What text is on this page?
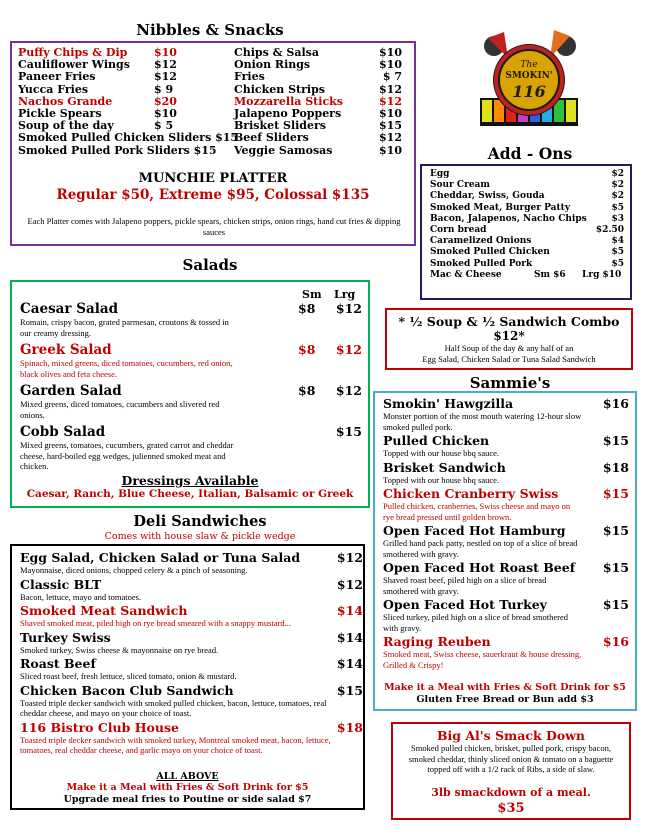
Nibbles & Snacks
Puffy Chips & Dip $10
Cauliflower Wings $12
Paneer Fries	$12
Yucca Fries	$ 9
Nachos Grande	$20
Pickle Spears	$10
Soup of the day	$ 5
Smoked Pulled Chicken Sliders $15
Smoked Pulled Pork Sliders $15
Chips & Salsa	$10
Onion Rings	$10
Fries	$ 7
Chicken Strips	$12
Mozzarella Sticks	$12
Jalapeno Poppers	$10
Brisket Sliders	$15
Beef Sliders	$12
Veggie Samosas	$10
MUNCHIE PLATTER
Regular $50, Extreme $95, Colossal $135
Each Platter comes with Jalapeno poppers, pickle spears, chicken strips, onion rings, hand cut fries & dipping sauces
The
SMOKIN'
116
Add - Ons
Egg	$2
Sour Cream	$2
Cheddar, Swiss, Gouda	$2
Smoked Meat, Burger Patty	$5
Bacon, Jalapenos, Nacho Chips	$3
Corn bread	$2.50
Caramelized Onions	$4
Smoked Pulled Chicken	$5
Smoked Pulled Pork	$5
Mac & Cheese	Sm $6 Lrg $10
Salads
Sm Lrg
Caesar Salad	$8 $12
Romain, crispy bacon, grated parmesan, croutons & tossed in our creamy dressing.
Greek Salad	$8 $12
Spinach, mixed greens, diced tomatoes, cucumbers, red onion, black olives and feta cheese.
Garden Salad	$8 $12
Mixed greens, diced tomatoes, cucumbers and slivered red onions.
Cobb Salad	$15
Mixed greens, tomatoes, cucumbers, grated carrot and cheddar cheese, hard-boiled egg wedges, julienned smoked meat and chicken.
Dressings Available
Caesar, Ranch, Blue Cheese, Italian, Balsamic or Greek
* ½ Soup & ½ Sandwich Combo
$12*
Half Soup of the day & any half of an
Egg Salad, Chicken Salad or Tuna Salad Sandwich
Sammie's
Smokin' Hawgzilla	$16
Monster portion of the most mouth watering 12-hour slow smoked pulled pork.
Pulled Chicken	$15
Topped with our house bbq sauce.
Brisket Sandwich	$18
Topped with our house bbq sauce.
Chicken Cranberry Swiss	$15
Pulled chicken, cranberries, Swiss cheese and mayo on rye bread pressed until golden brown.
Open Faced Hot Hamburg	$15
Grilled hand pack patty, nestled on top of a slice of bread smothered with gravy.
Open Faced Hot Roast Beef	$15
Shaved roast beef, piled high on a slice of bread smothered with gravy.
Open Faced Hot Turkey	$15
Sliced turkey, piled high on a slice of bread smothered with gravy.
Raging Reuben	$16
Smoked meat, Swiss cheese, sauerkraut & house dressing, Grilled & Crispy!
Make it a Meal with Fries & Soft Drink for $5
Gluten Free Bread or Bun add $3
Deli Sandwiches
Comes with house slaw & pickle wedge
Egg Salad, Chicken Salad or Tuna Salad	$12
Mayonnaise, diced onions, chopped celery & a pinch of seasoning.
Classic BLT	$12
Bacon, lettuce, mayo and tomatoes.
Smoked Meat Sandwich	$14
Shaved smoked meat, piled high on rye bread smeared with a snappy mustard...
Turkey Swiss	$14
Smoked turkey, Swiss cheese & mayonnaise on rye bread.
Roast Beef	$14
Sliced roast beef, fresh lettuce, sliced tomato, onion & mustard.
Chicken Bacon Club Sandwich	$15
Toasted triple decker sandwich with smoked pulled chicken, bacon, lettuce, tomatoes, real cheddar cheese, and mayo on your choice of toast.
116 Bistro Club House	$18
Toasted triple decker sandwich with smoked turkey, Montreal smoked meat, bacon, lettuce, tomatoes, real cheddar cheese, and garlic mayo on your choice of toast.
ALL ABOVE
Make it a Meal with Fries & Soft Drink for $5
Upgrade meal fries to Poutine or side salad $7
Big Al's Smack Down
Smoked pulled chicken, brisket, pulled pork, crispy bacon, smoked cheddar, thinly sliced onion & tomato on a baguette topped off with a 1/2 rack of Ribs, a side of slaw.
3lb smackdown of a meal.
$35
